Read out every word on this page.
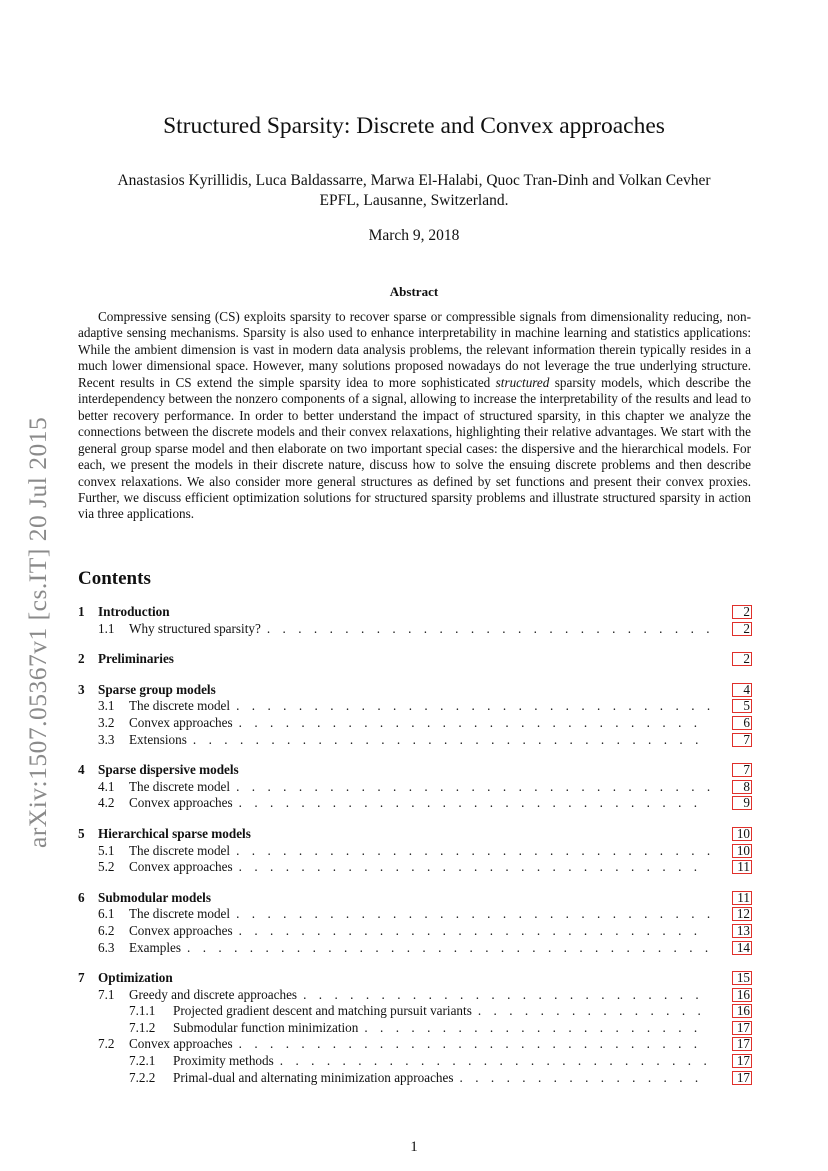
arXiv:1507.05367v1 [cs.IT] 20 Jul 2015
Structured Sparsity: Discrete and Convex approaches
Anastasios Kyrillidis, Luca Baldassarre, Marwa El-Halabi, Quoc Tran-Dinh and Volkan Cevher
EPFL, Lausanne, Switzerland.
March 9, 2018
Abstract

Compressive sensing (CS) exploits sparsity to recover sparse or compressible signals from dimensionality reducing, non-adaptive sensing mechanisms. Sparsity is also used to enhance interpretability in machine learning and statistics applications: While the ambient dimension is vast in modern data analysis problems, the relevant information therein typically resides in a much lower dimensional space. However, many solutions proposed nowadays do not leverage the true underlying structure. Recent results in CS extend the simple sparsity idea to more sophisticated structured sparsity models, which describe the interdependency between the nonzero components of a signal, allowing to increase the interpretability of the results and lead to better recovery performance. In order to better understand the impact of structured sparsity, in this chapter we analyze the connections between the discrete models and their convex relaxations, highlighting their relative advantages. We start with the general group sparse model and then elaborate on two important special cases: the dispersive and the hierarchical models. For each, we present the models in their discrete nature, discuss how to solve the ensuing discrete problems and then describe convex relaxations. We also consider more general structures as defined by set functions and present their convex proxies. Further, we discuss efficient optimization solutions for structured sparsity problems and illustrate structured sparsity in action via three applications.

Contents
1	Introduction	2
1.1	Why structured sparsity? . . .	2
2	Preliminaries	2
3	Sparse group models	4
3.1	The discrete model . . .	5
3.2	Convex approaches . . .	6
3.3	Extensions . . .	7
4	Sparse dispersive models	7
4.1	The discrete model . . .	8
4.2	Convex approaches . . .	9
5	Hierarchical sparse models	10
5.1	The discrete model . . .	10
5.2	Convex approaches . . .	11
6	Submodular models	11
6.1	The discrete model . . .	12
6.2	Convex approaches . . .	13
6.3	Examples . . .	14
7	Optimization	15
7.1	Greedy and discrete approaches . . .	16
7.1.1	Projected gradient descent and matching pursuit variants . . .	16
7.1.2	Submodular function minimization . . .	17
7.2	Convex approaches . . .	17
7.2.1	Proximity methods . . .	17
7.2.2	Primal-dual and alternating minimization approaches . . .	17
1
